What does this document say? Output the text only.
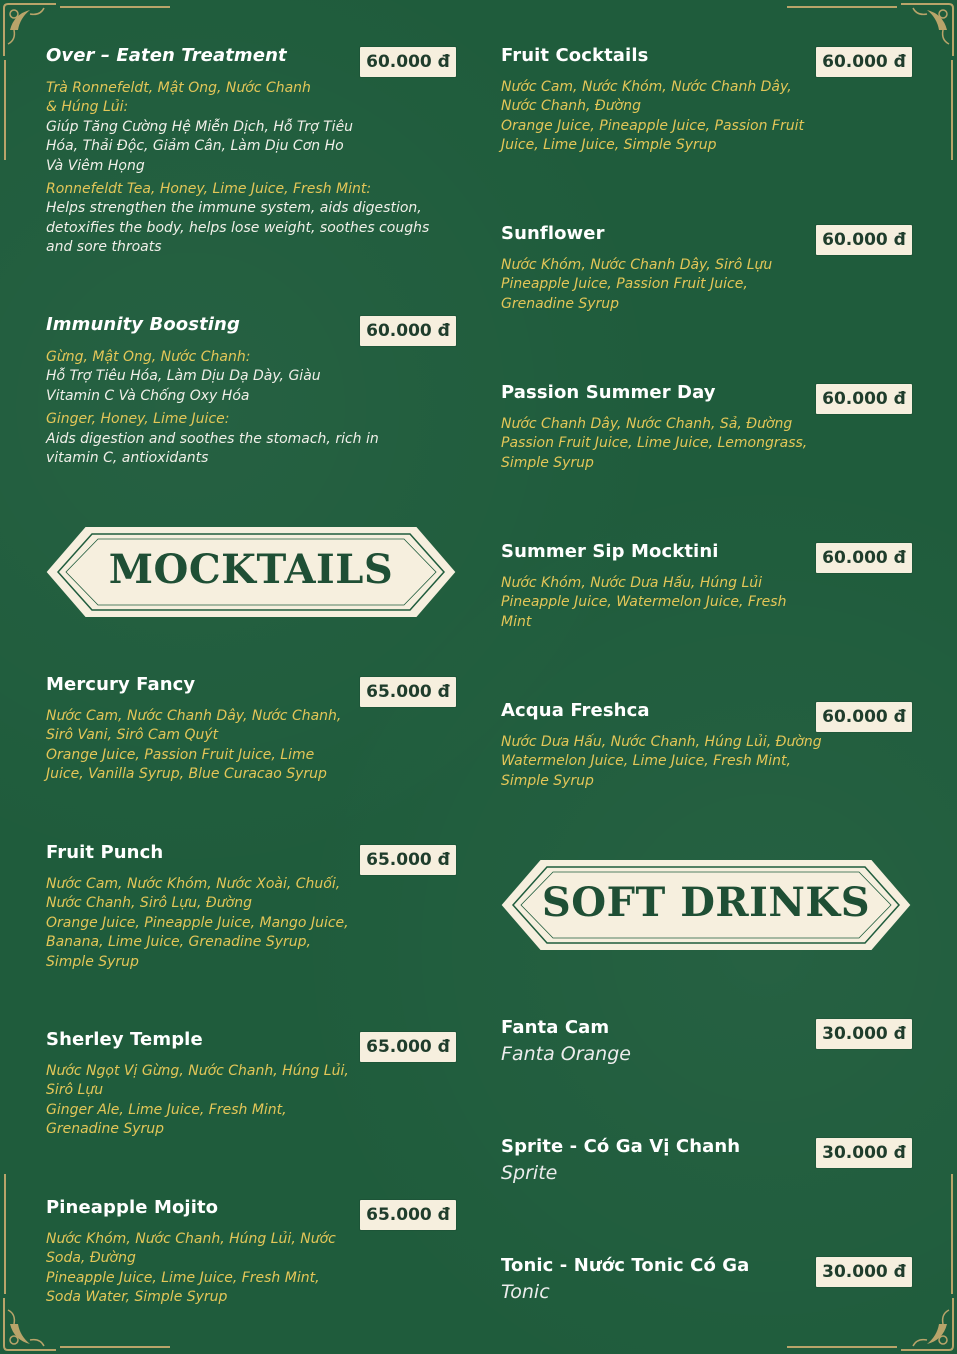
Over – Eaten Treatment	60.000 đ
Trà Ronnefeldt, Mật Ong, Nước Chanh
& Húng Lủi:
Giúp Tăng Cường Hệ Miễn Dịch, Hỗ Trợ Tiêu
Hóa, Thải Độc, Giảm Cân, Làm Dịu Cơn Ho
Và Viêm Họng
Ronnefeldt Tea, Honey, Lime Juice, Fresh Mint:
Helps strengthen the immune system, aids digestion,
detoxifies the body, helps lose weight, soothes coughs
and sore throats
Immunity Boosting	60.000 đ
Gừng, Mật Ong, Nước Chanh:
Hỗ Trợ Tiêu Hóa, Làm Dịu Dạ Dày, Giàu
Vitamin C Và Chống Oxy Hóa
Ginger, Honey, Lime Juice:
Aids digestion and soothes the stomach, rich in
vitamin C, antioxidants
MOCKTAILS
Mercury Fancy	65.000 đ
Nước Cam, Nước Chanh Dây, Nước Chanh,
Sirô Vani, Sirô Cam Quýt
Orange Juice, Passion Fruit Juice, Lime
Juice, Vanilla Syrup, Blue Curacao Syrup
Fruit Punch	65.000 đ
Nước Cam, Nước Khóm, Nước Xoài, Chuối,
Nước Chanh, Sirô Lựu, Đường
Orange Juice, Pineapple Juice, Mango Juice,
Banana, Lime Juice, Grenadine Syrup,
Simple Syrup
Sherley Temple	65.000 đ
Nước Ngọt Vị Gừng, Nước Chanh, Húng Lủi,
Sirô Lựu
Ginger Ale, Lime Juice, Fresh Mint,
Grenadine Syrup
Pineapple Mojito	65.000 đ
Nước Khóm, Nước Chanh, Húng Lủi, Nước
Soda, Đường
Pineapple Juice, Lime Juice, Fresh Mint,
Soda Water, Simple Syrup
Fruit Cocktails	60.000 đ
Nước Cam, Nước Khóm, Nước Chanh Dây,
Nước Chanh, Đường
Orange Juice, Pineapple Juice, Passion Fruit
Juice, Lime Juice, Simple Syrup
Sunflower	60.000 đ
Nước Khóm, Nước Chanh Dây, Sirô Lựu
Pineapple Juice, Passion Fruit Juice,
Grenadine Syrup
Passion Summer Day	60.000 đ
Nước Chanh Dây, Nước Chanh, Sả, Đường
Passion Fruit Juice, Lime Juice, Lemongrass,
Simple Syrup
Summer Sip Mocktini	60.000 đ
Nước Khóm, Nước Dưa Hấu, Húng Lủi
Pineapple Juice, Watermelon Juice, Fresh
Mint
Acqua Freshca	60.000 đ
Nước Dưa Hấu, Nước Chanh, Húng Lủi, Đường
Watermelon Juice, Lime Juice, Fresh Mint,
Simple Syrup
SOFT DRINKS
Fanta Cam	30.000 đ
Fanta Orange
Sprite - Có Ga Vị Chanh	30.000 đ
Sprite
Tonic - Nước Tonic Có Ga	30.000 đ
Tonic
